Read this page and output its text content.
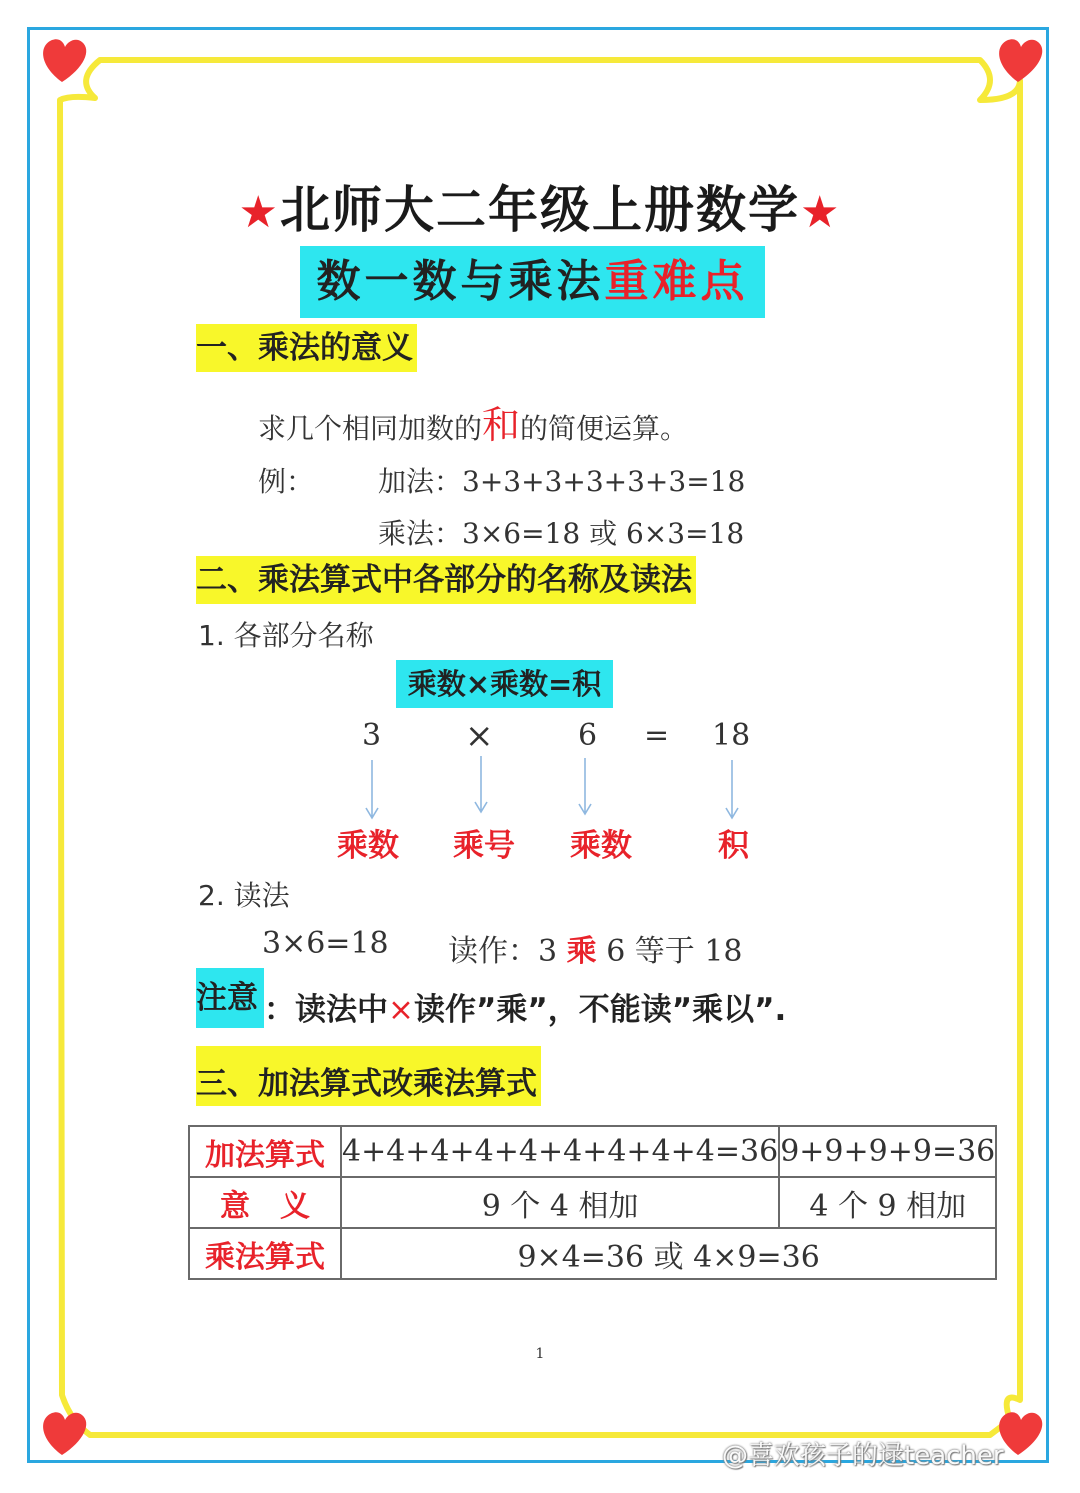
★北师大二年级上册数学★
数一数与乘法重难点
一、乘法的意义
求几个相同加数的和的简便运算。
例： 加法：3+3+3+3+3+3=18
乘法：3×6=18 或 6×3=18
二、乘法算式中各部分的名称及读法
1. 各部分名称
乘数×乘数=积
3 ×	6 = 18
乘数 乘号 乘数	积
2. 读法
3×6=18 读作：3 乘 6 等于 18
注意 ：读法中×读作”乘”，不能读”乘以”.
三、加法算式改乘法算式
加法算式	4+4+4+4+4+4+4+4+4=36	9+9+9+9=36
意　义	9 个 4 相加	4 个 9 相加
乘法算式	9×4=36 或 4×9=36	
1
@喜欢孩子的逯teacher
